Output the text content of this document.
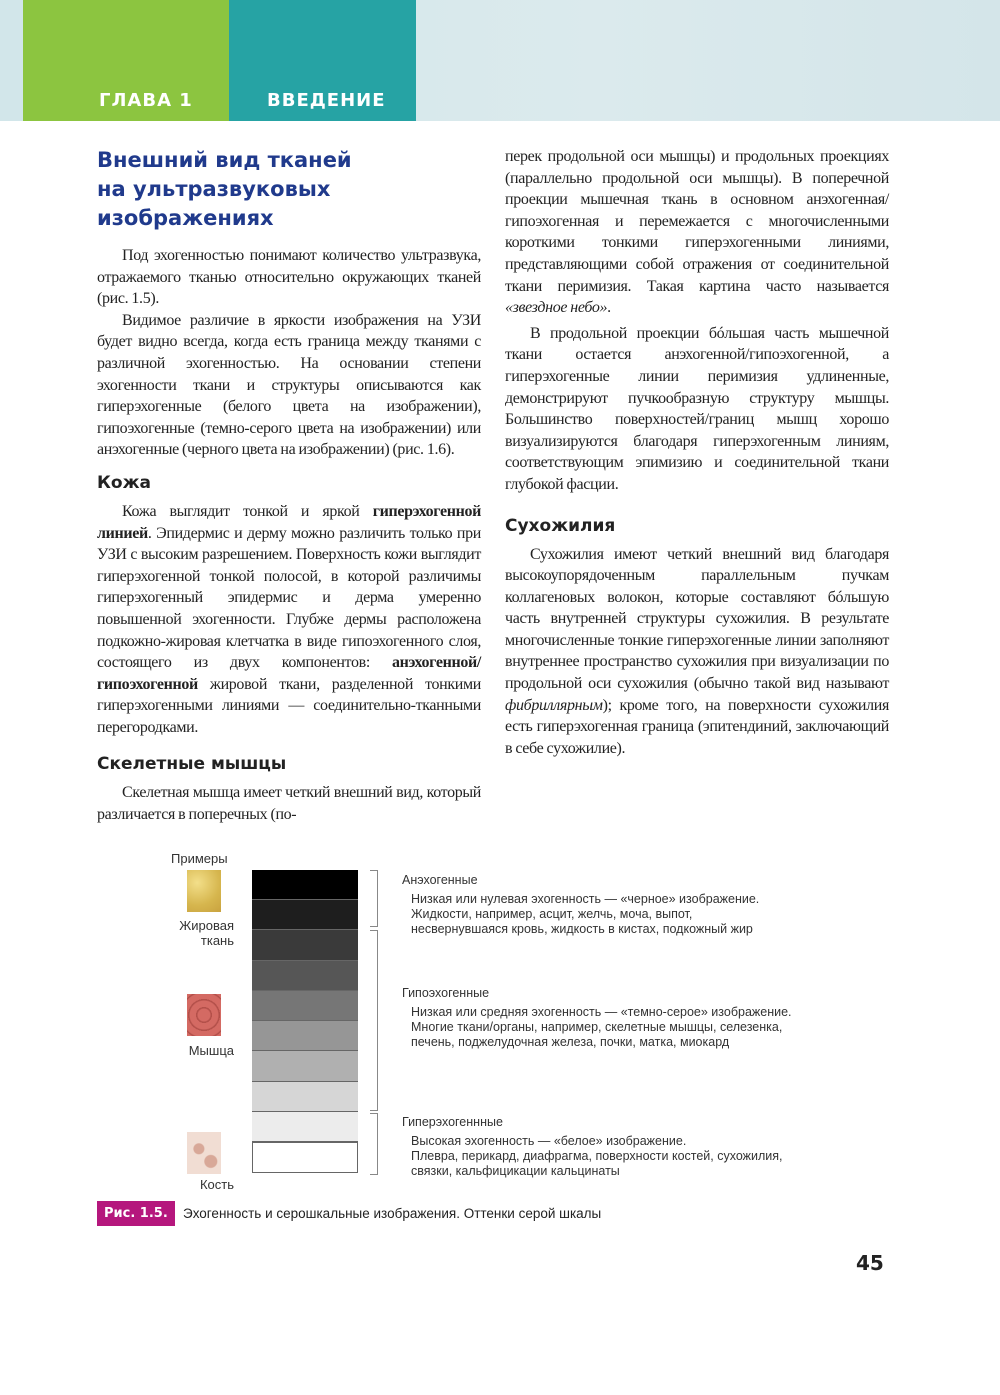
ГЛАВА 1	ВВЕДЕНИЕ
Внешний вид тканей на ультразвуковых изображениях

Под эхогенностью понимают количество ультразвука, отражаемого тканью относительно окружающих тканей (рис. 1.5).

Видимое различие в яркости изображения на УЗИ будет видно всегда, когда есть граница между тканями с различной эхогенностью. На основании степени эхогенности ткани и структуры описываются как гиперэхогенные (белого цвета на изображении), гипоэхогенные (темно-серого цвета на изображении) или анэхогенные (черного цвета на изображении) (рис. 1.6).

Кожа

Кожа выглядит тонкой и яркой гиперэхогенной линией. Эпидермис и дерму можно различить только при УЗИ с высоким разрешением. Поверхность кожи выглядит гиперэхогенной тонкой полосой, в которой различимы гиперэхогенный эпидермис и дерма умеренно повышенной эхогенности. Глубже дермы расположена подкожно-жировая клетчатка в виде гипоэхогенного слоя, состоящего из двух компонентов: анэхогенной/гипоэхогенной жировой ткани, разделенной тонкими гиперэхогенными линиями — соединительно-тканными перегородками.

Скелетные мышцы

Скелетная мышца имеет четкий внешний вид, который различается в поперечных (по-

перек продольной оси мышцы) и продольных проекциях (параллельно продольной оси мышцы). В поперечной проекции мышечная ткань в основном анэхогенная/гипоэхогенная и перемежается с многочисленными короткими тонкими гиперэхогенными линиями, представляющими собой отражения от соединительной ткани перимизия. Такая картина часто называется «звездное небо».

В продольной проекции бóльшая часть мышечной ткани остается анэхогенной/гипоэхогенной, а гиперэхогенные линии перимизия удлиненные, демонстрируют пучкообразную структуру мышцы. Большинство поверхностей/границ мышц хорошо визуализируются благодаря гиперэхогенным линиям, соответствующим эпимизию и соединительной ткани глубокой фасции.

Сухожилия

Сухожилия имеют четкий внешний вид благодаря высокоупорядоченным параллельным пучкам коллагеновых волокон, которые составляют бóльшую часть внутренней структуры сухожилия. В результате многочисленные тонкие гиперэхогенные линии заполняют внутреннее пространство сухожилия при визуализации по продольной оси сухожилия (обычно такой вид называют фибриллярным); кроме того, на поверхности сухожилия есть гиперэхогенная граница (эпитендиний, заключающий в себе сухожилие).

Примеры
Жировая ткань
Мышца
Кость
Анэхогенные
Низкая или нулевая эхогенность — «черное» изображение.
Жидкости, например, асцит, желчь, моча, выпот,
несвернувшаяся кровь, жидкость в кистах, подкожный жир
Гипоэхогенные
Низкая или средняя эхогенность — «темно-серое» изображение.
Многие ткани/органы, например, скелетные мышцы, селезенка,
печень, поджелудочная железа, почки, матка, миокард
Гиперэхогеннные
Высокая эхогенность — «белое» изображение.
Плевра, перикард, диафрагма, поверхности костей, сухожилия,
связки, кальфицикации кальцинаты
Рис. 1.5.	Эхогенность и серошкальные изображения. Оттенки серой шкалы
45
